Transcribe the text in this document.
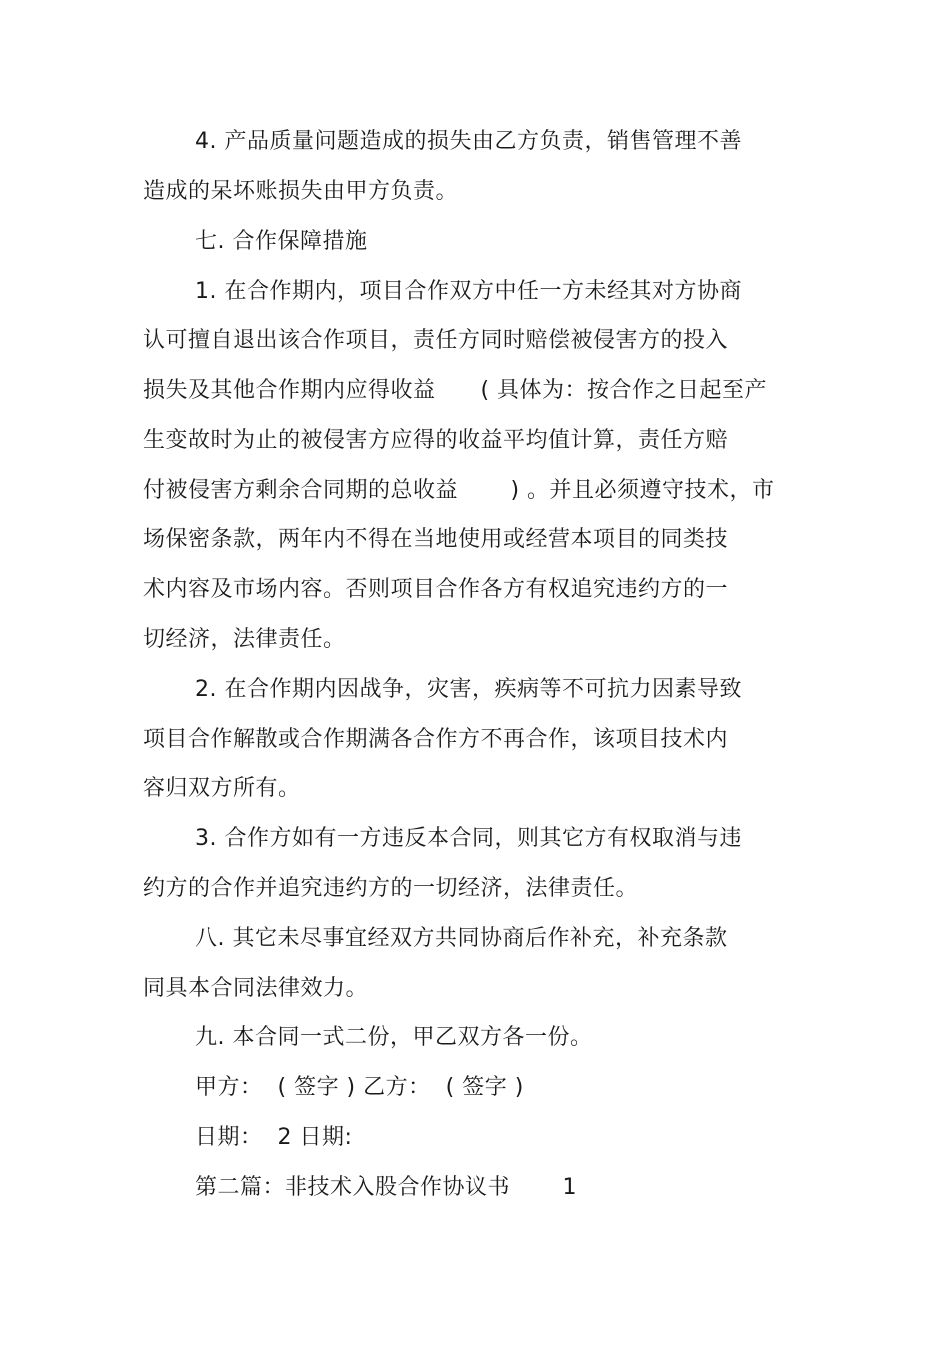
4. 产品质量问题造成的损失由乙方负责，销售管理不善
造成的呆坏账损失由甲方负责。
七. 合作保障措施
1. 在合作期内，项目合作双方中任一方未经其对方协商
认可擅自退出该合作项目，责任方同时赔偿被侵害方的投入
损失及其他合作期内应得收益      ( 具体为：按合作之日起至产
生变故时为止的被侵害方应得的收益平均值计算，责任方赔
付被侵害方剩余合同期的总收益       ) 。并且必须遵守技术，市
场保密条款，两年内不得在当地使用或经营本项目的同类技
术内容及市场内容。否则项目合作各方有权追究违约方的一
切经济，法律责任。
2. 在合作期内因战争，灾害，疾病等不可抗力因素导致
项目合作解散或合作期满各合作方不再合作，该项目技术内
容归双方所有。
3. 合作方如有一方违反本合同，则其它方有权取消与违
约方的合作并追究违约方的一切经济，法律责任。
八. 其它未尽事宜经双方共同协商后作补充，补充条款
同具本合同法律效力。
九. 本合同一式二份，甲乙双方各一份。
甲方：  ( 签字 ) 乙方：  ( 签字 )
日期：  2 日期:
第二篇：非技术入股合作协议书       1
